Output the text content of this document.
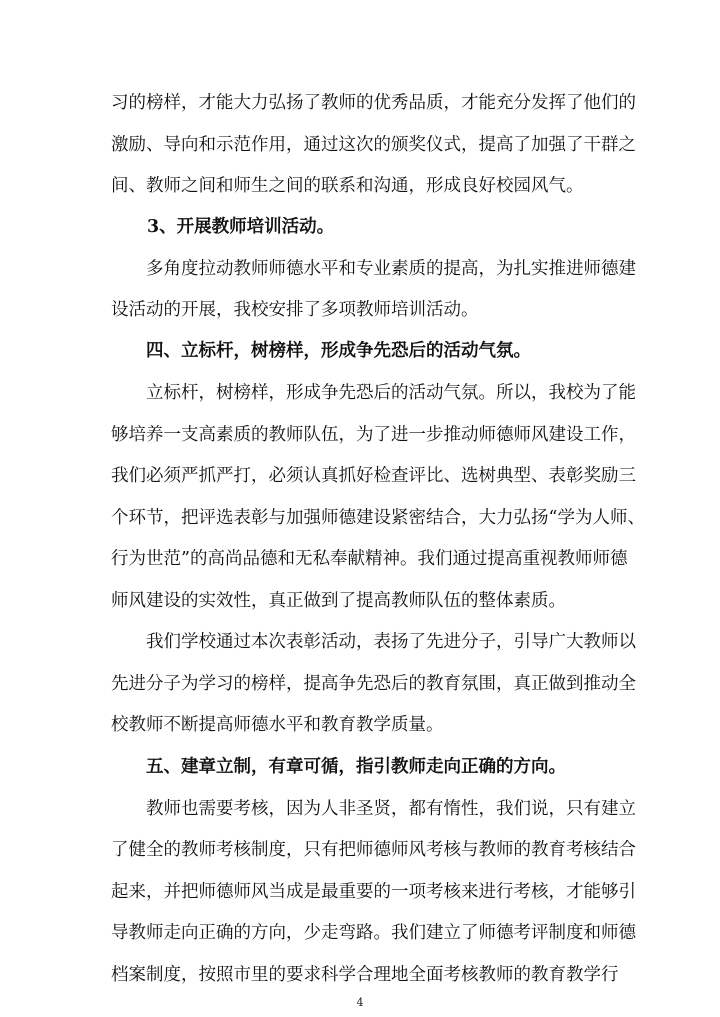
习的榜样，才能大力弘扬了教师的优秀品质，才能充分发挥了他们的
激励、导向和示范作用，通过这次的颁奖仪式，提高了加强了干群之
间、教师之间和师生之间的联系和沟通，形成良好校园风气。
3、开展教师培训活动。
多角度拉动教师师德水平和专业素质的提高，为扎实推进师德建
设活动的开展，我校安排了多项教师培训活动。
四、立标杆，树榜样，形成争先恐后的活动气氛。
立标杆，树榜样，形成争先恐后的活动气氛。所以，我校为了能
够培养一支高素质的教师队伍，为了进一步推动师德师风建设工作，
我们必须严抓严打，必须认真抓好检查评比、选树典型、表彰奖励三
个环节，把评选表彰与加强师德建设紧密结合，大力弘扬“学为人师、
行为世范”的高尚品德和无私奉献精神。我们通过提高重视教师师德
师风建设的实效性，真正做到了提高教师队伍的整体素质。
我们学校通过本次表彰活动，表扬了先进分子，引导广大教师以
先进分子为学习的榜样，提高争先恐后的教育氛围，真正做到推动全
校教师不断提高师德水平和教育教学质量。
五、建章立制，有章可循，指引教师走向正确的方向。
教师也需要考核，因为人非圣贤，都有惰性，我们说，只有建立
了健全的教师考核制度，只有把师德师风考核与教师的教育考核结合
起来，并把师德师风当成是最重要的一项考核来进行考核，才能够引
导教师走向正确的方向，少走弯路。我们建立了师德考评制度和师德
档案制度，按照市里的要求科学合理地全面考核教师的教育教学行
4
